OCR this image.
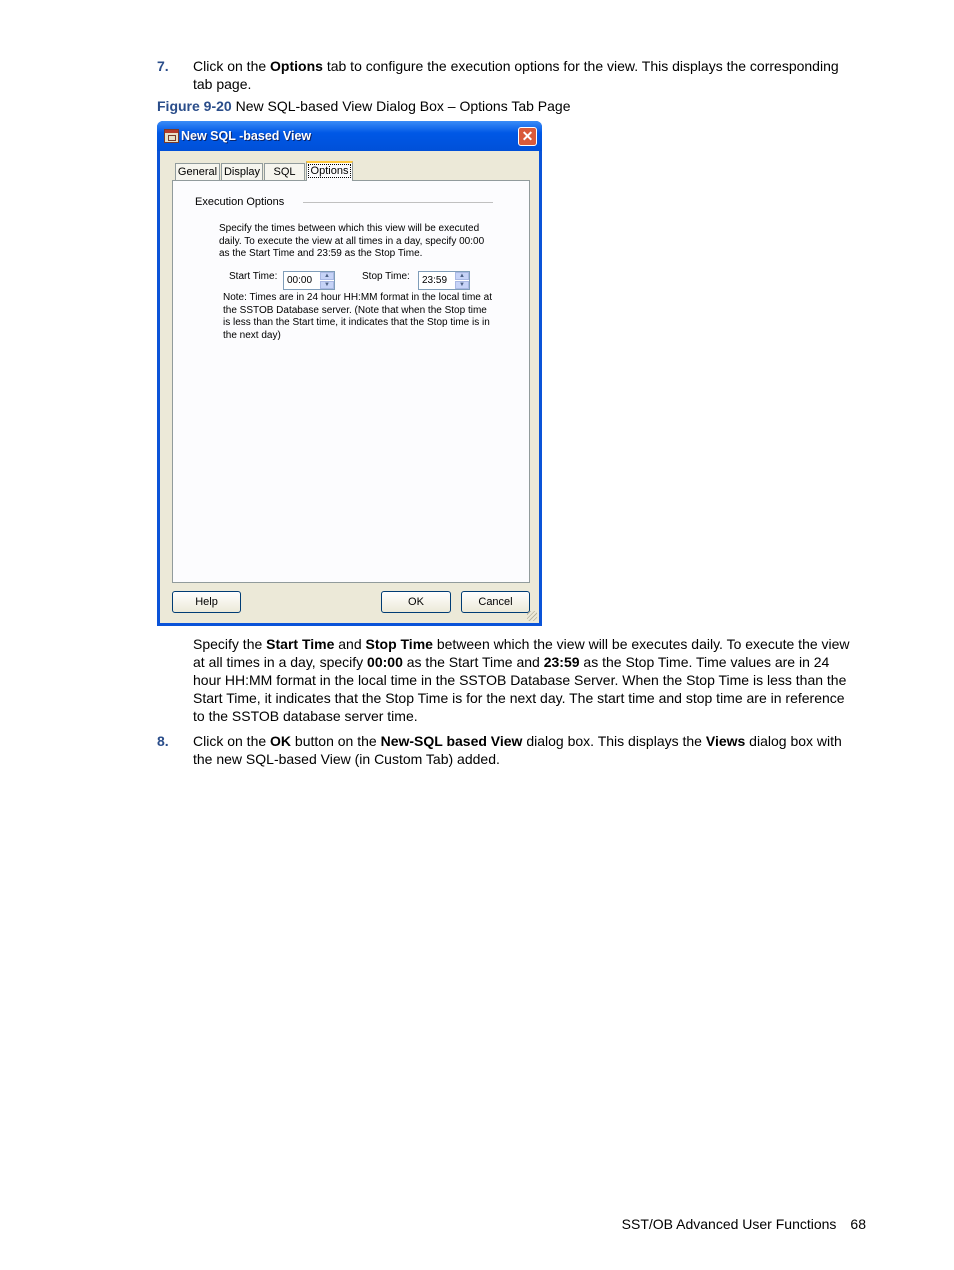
7. Click on the Options tab to configure the execution options for the view. This displays the corresponding tab page.
Figure 9-20 New SQL-based View Dialog Box – Options Tab Page
New SQL -based View	✕
General Display	SQL	Options
Execution Options
Specify the times between which this view will be executed
daily. To execute the view at all times in a day, specify 00:00
as the Start Time and 23:59 as the Stop Time.
Start Time: 00:00	▲
▼
Stop Time:	23:59	▲
▼
Note: Times are in 24 hour HH:MM format in the local time at
the SSTOB Database server. (Note that when the Stop time
is less than the Start time, it indicates that the Stop time is in
the next day)
Help	OK	Cancel
Specify the Start Time and Stop Time between which the view will be executes daily. To execute the view at all times in a day, specify 00:00 as the Start Time and 23:59 as the Stop Time. Time values are in 24 hour HH:MM format in the local time in the SSTOB Database Server. When the Stop Time is less than the Start Time, it indicates that the Stop Time is for the next day. The start time and stop time are in reference to the SSTOB database server time.
8. Click on the OK button on the New-SQL based View dialog box. This displays the Views dialog box with the new SQL-based View (in Custom Tab) added.
SST/OB Advanced User Functions 68
